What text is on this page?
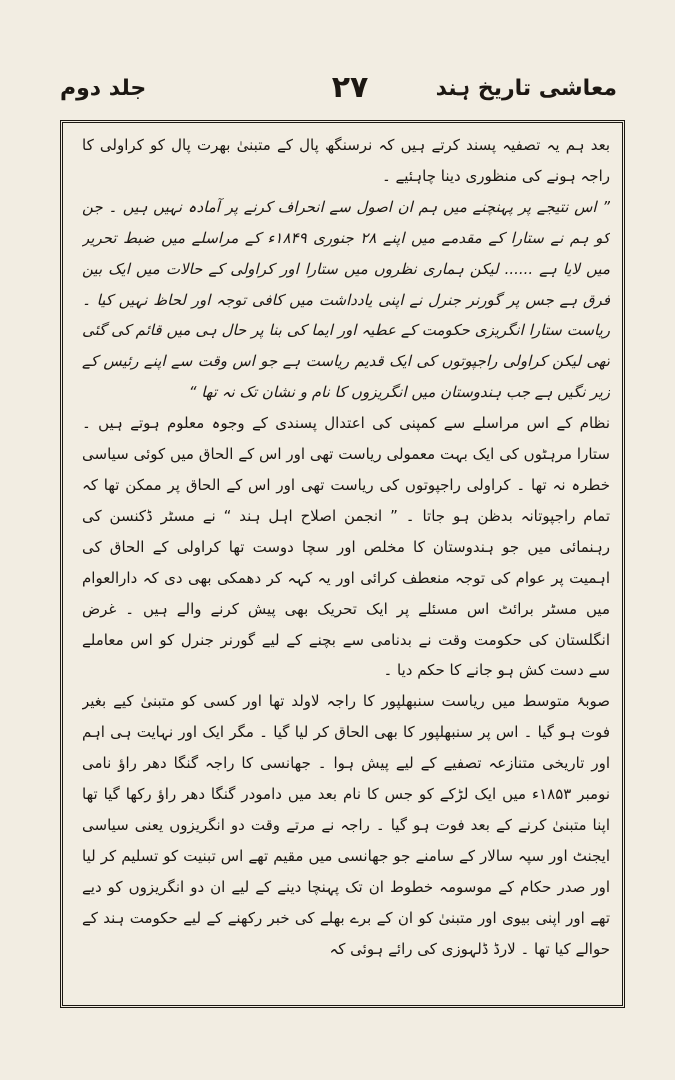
معاشی تاریخ ہند
۲۷
جلد دوم

بعد ہم یہ تصفیہ پسند کرتے ہیں کہ نرسنگھ پال کے متبنیٰ بھرت پال کو کراولی کا راجہ ہونے کی منظوری دینا چاہئیے ۔

” اس نتیجے پر پہنچنے میں ہم ان اصول سے انحراف کرنے پر آمادہ نہیں ہیں ۔ جن کو ہم نے ستارا کے مقدمے میں اپنے ۲۸ جنوری ۱۸۴۹ء کے مراسلے میں ضبط تحریر میں لایا ہے ...... لیکن ہماری نظروں میں ستارا اور کراولی کے حالات میں ایک بین فرق ہے جس پر گورنر جنرل نے اپنی یادداشت میں کافی توجہ اور لحاظ نہیں کیا ۔ ریاست ستارا انگریزی حکومت کے عطیہ اور ایما کی بنا پر حال ہی میں قائم کی گئی تھی لیکن کراولی راجپوتوں کی ایک قدیم ریاست ہے جو اس وقت سے اپنے رئیس کے زیر نگیں ہے جب ہندوستان میں انگریزوں کا نام و نشان تک نہ تھا “

نظام کے اس مراسلے سے کمپنی کی اعتدال پسندی کے وجوہ معلوم ہوتے ہیں ۔ ستارا مرہٹوں کی ایک بہت معمولی ریاست تھی اور اس کے الحاق میں کوئی سیاسی خطرہ نہ تھا ۔ کراولی راجپوتوں کی ریاست تھی اور اس کے الحاق پر ممکن تھا کہ تمام راجپوتانہ بدظن ہو جاتا ۔ ” انجمن اصلاح اہل ہند “ نے مسٹر ڈکنسن کی رہنمائی میں جو ہندوستان کا مخلص اور سچا دوست تھا کراولی کے الحاق کی اہمیت پر عوام کی توجہ منعطف کرائی اور یہ کہہ کر دھمکی بھی دی کہ دارالعوام میں مسٹر برائٹ اس مسئلے پر ایک تحریک بھی پیش کرنے والے ہیں ۔ غرض انگلستان کی حکومت وقت نے بدنامی سے بچنے کے لیے گورنر جنرل کو اس معاملے سے دست کش ہو جانے کا حکم دیا ۔

صوبۂ متوسط میں ریاست سنبھلپور کا راجہ لاولد تھا اور کسی کو متبنیٰ کیے بغیر فوت ہو گیا ۔ اس پر سنبھلپور کا بھی الحاق کر لیا گیا ۔ مگر ایک اور نہایت ہی اہم اور تاریخی متنازعہ تصفیے کے لیے پیش ہوا ۔ جھانسی کا راجہ گنگا دھر راؤ نامی نومبر ۱۸۵۳ء میں ایک لڑکے کو جس کا نام بعد میں دامودر گنگا دھر راؤ رکھا گیا تھا اپنا متبنیٰ کرنے کے بعد فوت ہو گیا ۔ راجہ نے مرتے وقت دو انگریزوں یعنی سیاسی ایجنٹ اور سپہ سالار کے سامنے جو جھانسی میں مقیم تھے اس تبنیت کو تسلیم کر لیا اور صدر حکام کے موسومہ خطوط ان تک پہنچا دینے کے لیے ان دو انگریزوں کو دیے تھے اور اپنی بیوی اور متبنیٰ کو ان کے برے بھلے کی خبر رکھنے کے لیے حکومت ہند کے حوالے کیا تھا ۔ لارڈ ڈلہوزی کی رائے ہوئی کہ
